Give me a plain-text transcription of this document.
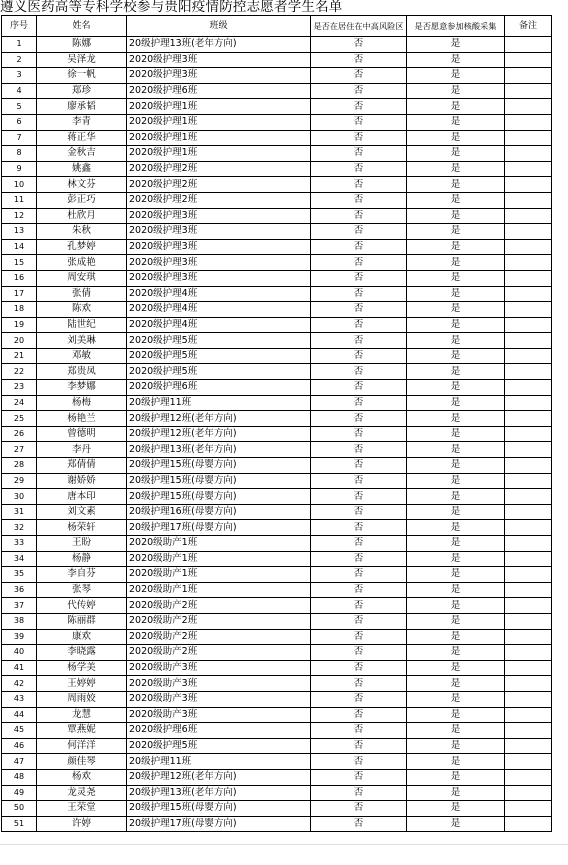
遵义医药高等专科学校参与贵阳疫情防控志愿者学生名单
序号	姓名	班级	是否在居住在中高风险区	是否愿意参加核酸采集	备注
1	陈娜	20级护理13班(老年方向)	否	是	
2	吴泽龙	2020级护理3班	否	是	
3	徐一帆	2020级护理3班	否	是	
4	郑珍	2020级护理6班	否	是	
5	廖承韬	2020级护理1班	否	是	
6	李青	2020级护理1班	否	是	
7	蒋正华	2020级护理1班	否	是	
8	金秋吉	2020级护理1班	否	是	
9	姚鑫	2020级护理2班	否	是	
10	林文芬	2020级护理2班	否	是	
11	彭正巧	2020级护理2班	否	是	
12	杜欣月	2020级护理3班	否	是	
13	朱秋	2020级护理3班	否	是	
14	孔梦婷	2020级护理3班	否	是	
15	张成艳	2020级护理3班	否	是	
16	周安琪	2020级护理3班	否	是	
17	张倩	2020级护理4班	否	是	
18	陈欢	2020级护理4班	否	是	
19	陆世纪	2020级护理4班	否	是	
20	刘美琳	2020级护理5班	否	是	
21	邓敏	2020级护理5班	否	是	
22	郑贵凤	2020级护理5班	否	是	
23	李梦娜	2020级护理6班	否	是	
24	杨梅	20级护理11班	否	是	
25	杨艳兰	20级护理12班(老年方向)	否	是	
26	曾德明	20级护理12班(老年方向)	否	是	
27	李丹	20级护理13班(老年方向)	否	是	
28	郑倩倩	20级护理15班(母婴方向)	否	是	
29	谢娇娇	20级护理15班(母婴方向)	否	是	
30	唐本印	20级护理15班(母婴方向)	否	是	
31	刘文素	20级护理16班(母婴方向)	否	是	
32	杨荣轩	20级护理17班(母婴方向)	否	是	
33	王盼	2020级助产1班	否	是	
34	杨静	2020级助产1班	否	是	
35	李自芬	2020级助产1班	否	是	
36	张琴	2020级助产1班	否	是	
37	代传婷	2020级助产2班	否	是	
38	陈丽群	2020级助产2班	否	是	
39	康欢	2020级助产2班	否	是	
40	李晓露	2020级助产2班	否	是	
41	杨学美	2020级助产3班	否	是	
42	王婷婷	2020级助产3班	否	是	
43	周雨姣	2020级助产3班	否	是	
44	龙慧	2020级助产3班	否	是	
45	覃燕妮	2020级护理6班	否	是	
46	何洋洋	2020级护理5班	否	是	
47	颜佳琴	20级护理11班	否	是	
48	杨欢	20级护理12班(老年方向)	否	是	
49	龙灵尧	20级护理13班(老年方向)	否	是	
50	王荣堂	20级护理15班(母婴方向)	否	是	
51	许婷	20级护理17班(母婴方向)	否	是	
